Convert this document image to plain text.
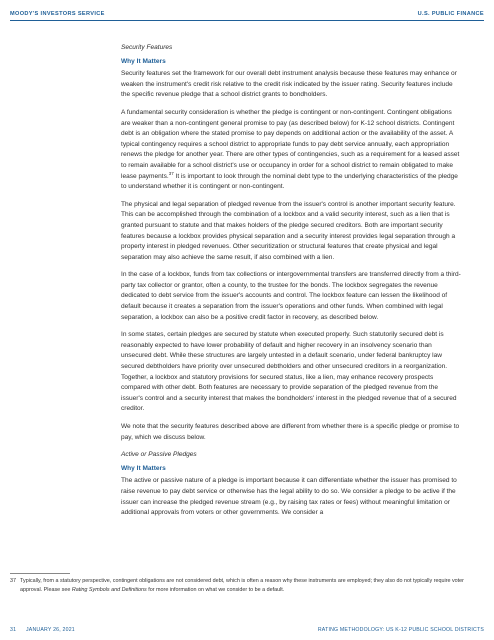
MOODY'S INVESTORS SERVICE	U.S. PUBLIC FINANCE
Security Features
Why It Matters

Security features set the framework for our overall debt instrument analysis because these features may enhance or weaken the instrument's credit risk relative to the credit risk indicated by the issuer rating. Security features include the specific revenue pledge that a school district grants to bondholders.

A fundamental security consideration is whether the pledge is contingent or non-contingent. Contingent obligations are weaker than a non-contingent general promise to pay (as described below) for K-12 school districts. Contingent debt is an obligation where the stated promise to pay depends on additional action or the availability of the asset. A typical contingency requires a school district to appropriate funds to pay debt service annually, each appropriation renews the pledge for another year. There are other types of contingencies, such as a requirement for a leased asset to remain available for a school district's use or occupancy in order for a school district to remain obligated to make lease payments.$^{37}$ It is important to look through the nominal debt type to the underlying characteristics of the pledge to understand whether it is contingent or non-contingent.

The physical and legal separation of pledged revenue from the issuer's control is another important security feature. This can be accomplished through the combination of a lockbox and a valid security interest, such as a lien that is granted pursuant to statute and that makes holders of the pledge secured creditors. Both are important security features because a lockbox provides physical separation and a security interest provides legal separation through a property interest in pledged revenues. Other securitization or structural features that create physical and legal separation may also achieve the same result, if also combined with a lien.

In the case of a lockbox, funds from tax collections or intergovernmental transfers are transferred directly from a third-party tax collector or grantor, often a county, to the trustee for the bonds. The lockbox segregates the revenue dedicated to debt service from the issuer's accounts and control. The lockbox feature can lessen the likelihood of default because it creates a separation from the issuer's operations and other funds. When combined with legal separation, a lockbox can also be a positive credit factor in recovery, as described below.

In some states, certain pledges are secured by statute when executed properly. Such statutorily secured debt is reasonably expected to have lower probability of default and higher recovery in an insolvency scenario than unsecured debt. While these structures are largely untested in a default scenario, under federal bankruptcy law secured debtholders have priority over unsecured debtholders and other unsecured creditors in a reorganization. Together, a lockbox and statutory provisions for secured status, like a lien, may enhance recovery prospects compared with other debt. Both features are necessary to provide separation of the pledged revenue from the issuer's control and a security interest that makes the bondholders' interest in the pledged revenue that of a secured creditor.

We note that the security features described above are different from whether there is a specific pledge or promise to pay, which we discuss below.

Active or Passive Pledges
Why It Matters

The active or passive nature of a pledge is important because it can differentiate whether the issuer has promised to raise revenue to pay debt service or otherwise has the legal ability to do so. We consider a pledge to be active if the issuer can increase the pledged revenue stream (e.g., by raising tax rates or fees) without meaningful limitation or additional approvals from voters or other governments. We consider a

37 Typically, from a statutory perspective, contingent obligations are not considered debt, which is often a reason why these instruments are employed; they also do not typically require voter approval. Please see Rating Symbols and Definitions for more information on what we consider to be a default.
31 JANUARY 26, 2021	RATING METHODOLOGY: US K-12 PUBLIC SCHOOL DISTRICTS
